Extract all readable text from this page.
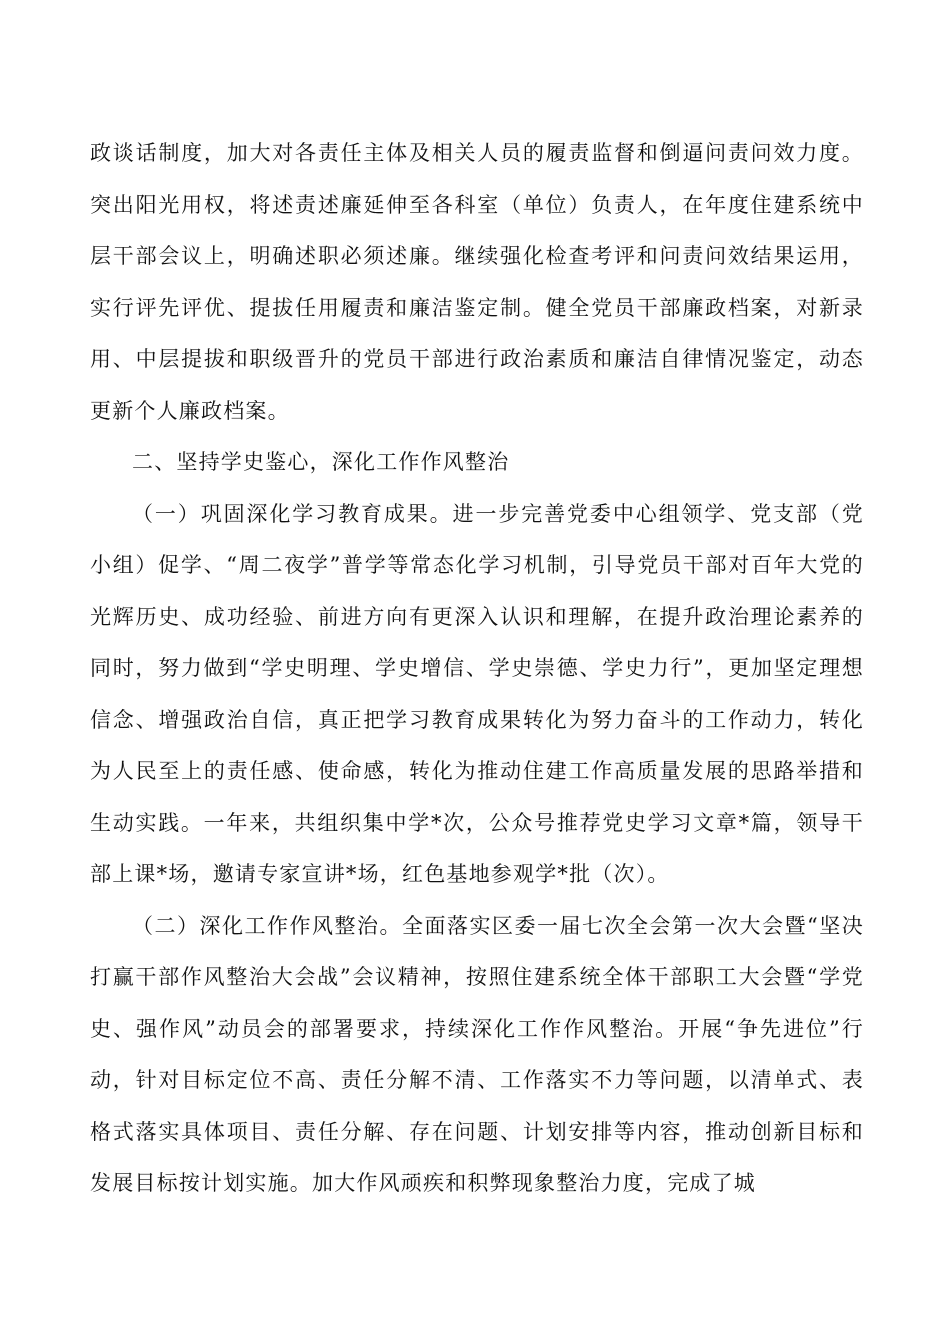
政谈话制度，加大对各责任主体及相关人员的履责监督和倒逼问责问效力度。突出阳光用权，将述责述廉延伸至各科室（单位）负责人，在年度住建系统中层干部会议上，明确述职必须述廉。继续强化检查考评和问责问效结果运用，实行评先评优、提拔任用履责和廉洁鉴定制。健全党员干部廉政档案，对新录用、中层提拔和职级晋升的党员干部进行政治素质和廉洁自律情况鉴定，动态更新个人廉政档案。

二、坚持学史鉴心，深化工作作风整治

（一）巩固深化学习教育成果。进一步完善党委中心组领学、党支部（党小组）促学、“周二夜学”普学等常态化学习机制，引导党员干部对百年大党的光辉历史、成功经验、前进方向有更深入认识和理解，在提升政治理论素养的同时，努力做到“学史明理、学史增信、学史崇德、学史力行”，更加坚定理想信念、增强政治自信，真正把学习教育成果转化为努力奋斗的工作动力，转化为人民至上的责任感、使命感，转化为推动住建工作高质量发展的思路举措和生动实践。一年来，共组织集中学*次，公众号推荐党史学习文章*篇，领导干部上课*场，邀请专家宣讲*场，红色基地参观学*批（次）。

（二）深化工作作风整治。全面落实区委一届七次全会第一次大会暨“坚决打赢干部作风整治大会战”会议精神，按照住建系统全体干部职工大会暨“学党史、强作风”动员会的部署要求，持续深化工作作风整治。开展“争先进位”行动，针对目标定位不高、责任分解不清、工作落实不力等问题，以清单式、表格式落实具体项目、责任分解、存在问题、计划安排等内容，推动创新目标和发展目标按计划实施。加大作风顽疾和积弊现象整治力度，完成了城
